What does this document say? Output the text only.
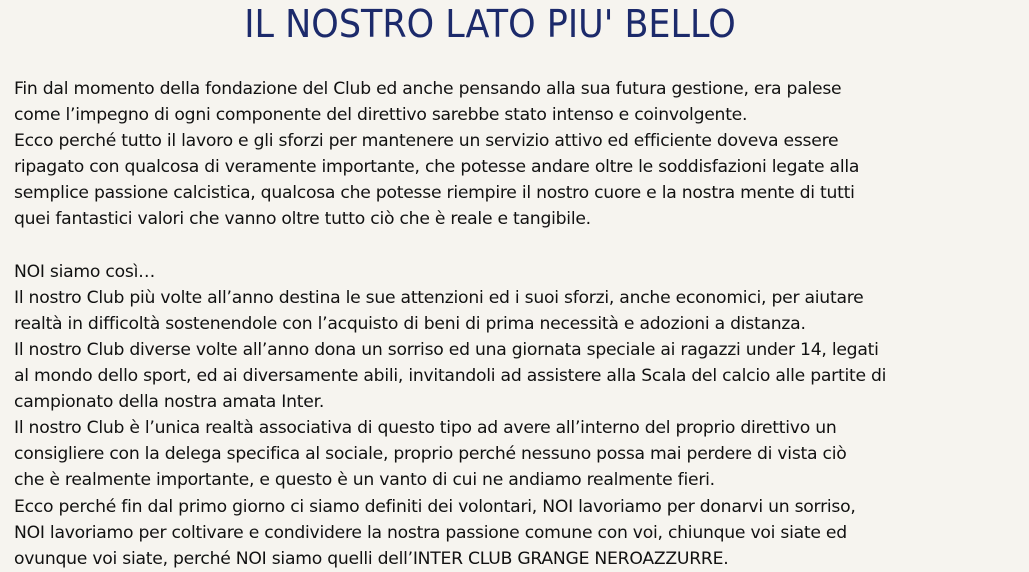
IL NOSTRO LATO PIU' BELLO

Fin dal momento della fondazione del Club ed anche pensando alla sua futura gestione, era palese
come l’impegno di ogni componente del direttivo sarebbe stato intenso e coinvolgente.
Ecco perché tutto il lavoro e gli sforzi per mantenere un servizio attivo ed efficiente doveva essere
ripagato con qualcosa di veramente importante, che potesse andare oltre le soddisfazioni legate alla
semplice passione calcistica, qualcosa che potesse riempire il nostro cuore e la nostra mente di tutti
quei fantastici valori che vanno oltre tutto ciò che è reale e tangibile.

NOI siamo così…
Il nostro Club più volte all’anno destina le sue attenzioni ed i suoi sforzi, anche economici, per aiutare
realtà in difficoltà sostenendole con l’acquisto di beni di prima necessità e adozioni a distanza.
Il nostro Club diverse volte all’anno dona un sorriso ed una giornata speciale ai ragazzi under 14, legati
al mondo dello sport, ed ai diversamente abili, invitandoli ad assistere alla Scala del calcio alle partite di
campionato della nostra amata Inter.
Il nostro Club è l’unica realtà associativa di questo tipo ad avere all’interno del proprio direttivo un
consigliere con la delega specifica al sociale, proprio perché nessuno possa mai perdere di vista ciò
che è realmente importante, e questo è un vanto di cui ne andiamo realmente fieri.
Ecco perché fin dal primo giorno ci siamo definiti dei volontari, NOI lavoriamo per donarvi un sorriso,
NOI lavoriamo per coltivare e condividere la nostra passione comune con voi, chiunque voi siate ed
ovunque voi siate, perché NOI siamo quelli dell’INTER CLUB GRANGE NEROAZZURRE.
